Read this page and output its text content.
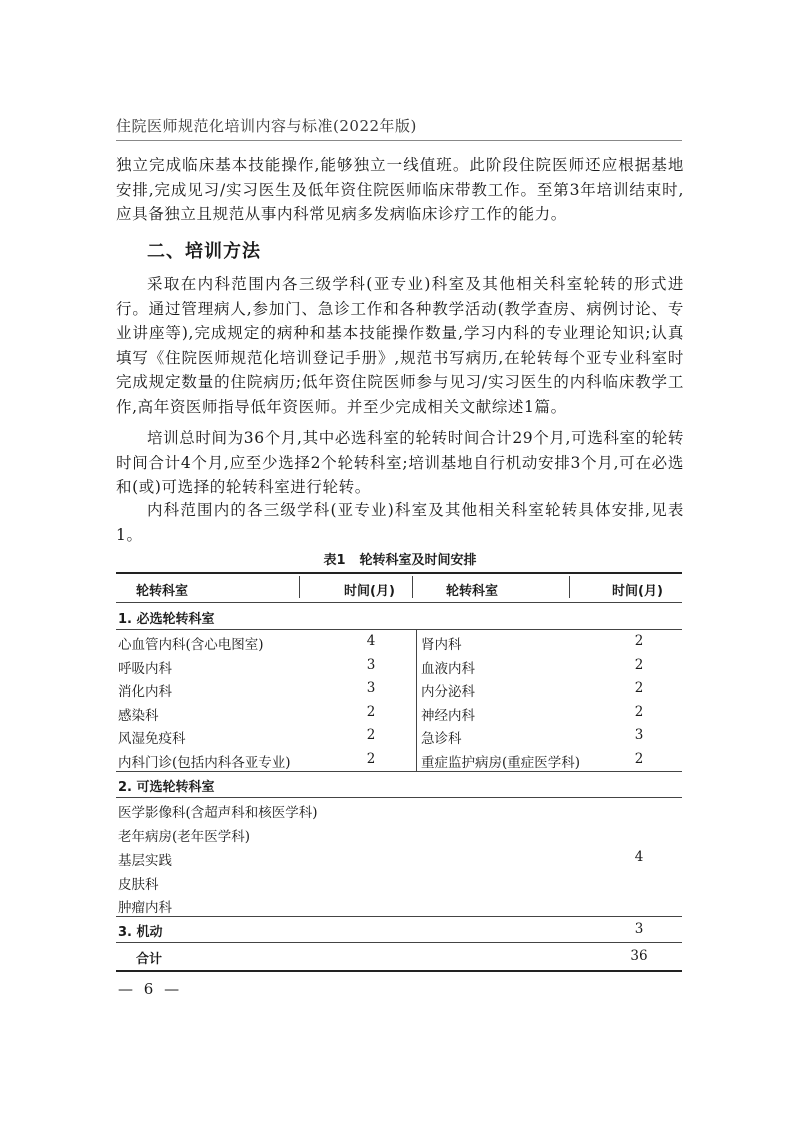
住院医师规范化培训内容与标准(2022年版)

独立完成临床基本技能操作,能够独立一线值班。此阶段住院医师还应根据基地安排,完成见习/实习医生及低年资住院医师临床带教工作。至第3年培训结束时,应具备独立且规范从事内科常见病多发病临床诊疗工作的能力。

二、培训方法

采取在内科范围内各三级学科(亚专业)科室及其他相关科室轮转的形式进行。通过管理病人,参加门、急诊工作和各种教学活动(教学查房、病例讨论、专业讲座等),完成规定的病种和基本技能操作数量,学习内科的专业理论知识;认真填写《住院医师规范化培训登记手册》,规范书写病历,在轮转每个亚专业科室时完成规定数量的住院病历;低年资住院医师参与见习/实习医生的内科临床教学工作,高年资医师指导低年资医师。并至少完成相关文献综述1篇。

培训总时间为36个月,其中必选科室的轮转时间合计29个月,可选科室的轮转时间合计4个月,应至少选择2个轮转科室;培训基地自行机动安排3个月,可在必选和(或)可选择的轮转科室进行轮转。

内科范围内的各三级学科(亚专业)科室及其他相关科室轮转具体安排,见表1。

表1 轮转科室及时间安排
轮转科室	时间(月)	轮转科室	时间(月)
1. 必选轮转科室
心血管内科(含心电图室)	4	肾内科	2
呼吸内科	3	血液内科	2
消化内科	3	内分泌科	2
感染科	2	神经内科	2
风湿免疫科	2	急诊科	3
内科门诊(包括内科各亚专业)	2	重症监护病房(重症医学科)	2
2. 可选轮转科室
医学影像科(含超声科和核医学科)
老年病房(老年医学科)
基层实践
皮肤科
肿瘤内科
4
3. 机动	3
合计	36
— 6 —
